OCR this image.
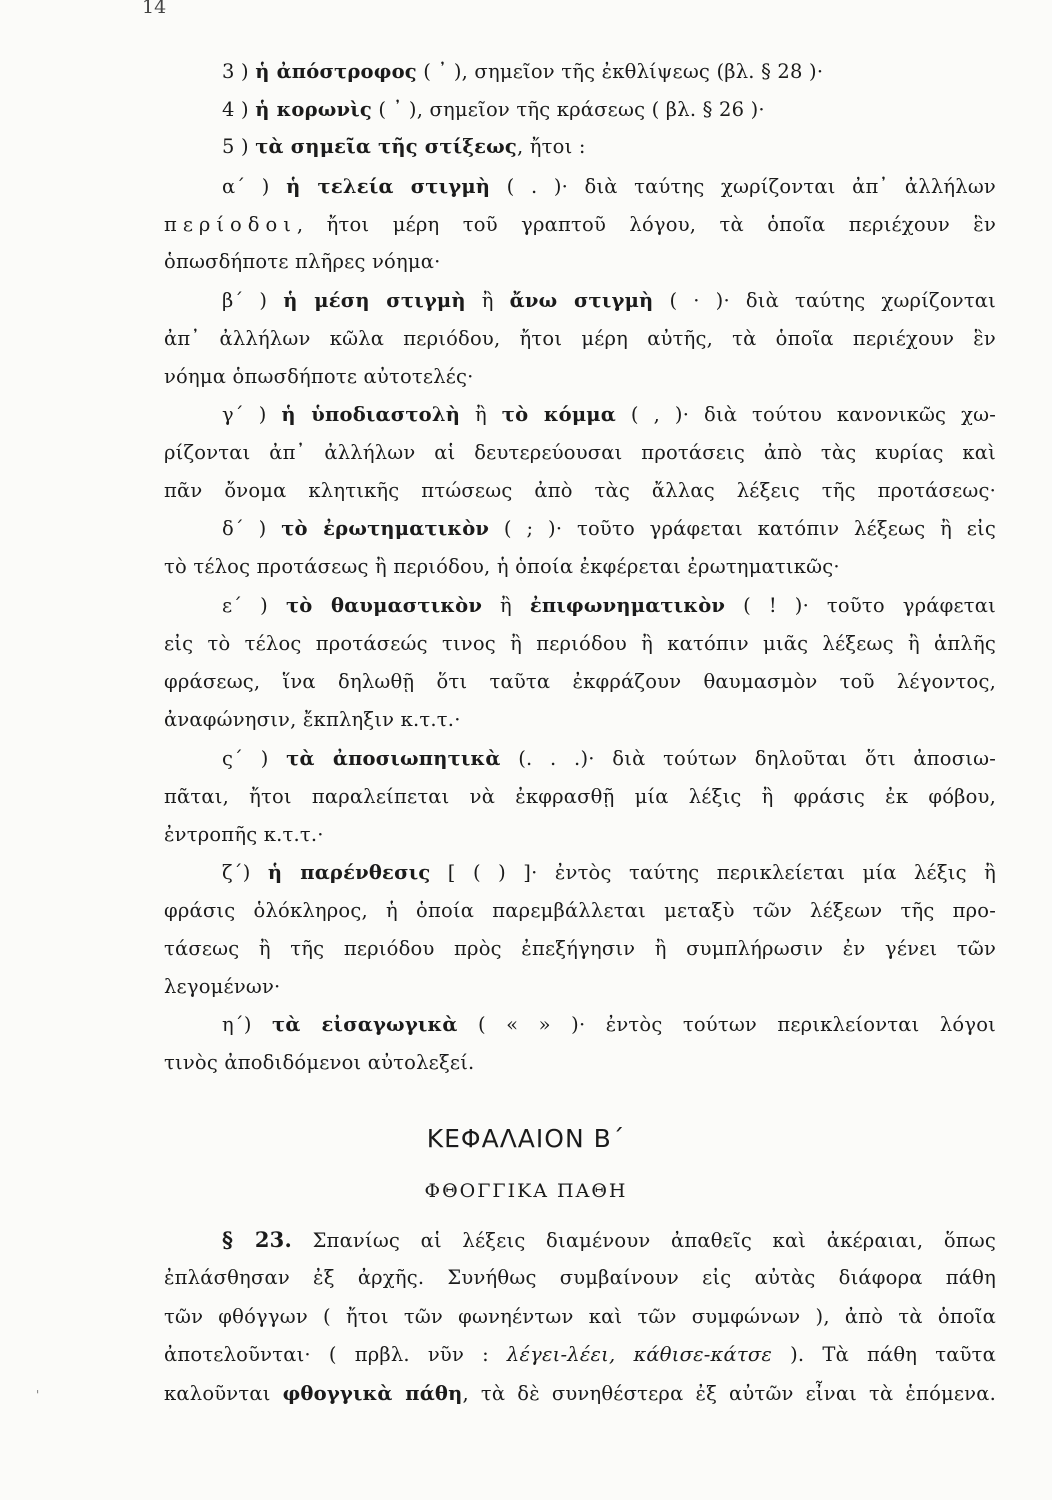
14
3 ) ἡ ἀπόστροφος ( ᾿ ), σημεῖον τῆς ἐκθλίψεως (βλ. § 28 )·
4 ) ἡ κορωνὶς ( ᾿ ), σημεῖον τῆς κράσεως ( βλ. § 26 )·
5 ) τὰ σημεῖα τῆς στίξεως, ἤτοι :
α΄ ) ἡ τελεία στιγμὴ ( . )· διὰ ταύτης χωρίζονται ἀπ᾿ ἀλλήλων
περίοδοι, ἤτοι μέρη τοῦ γραπτοῦ λόγου, τὰ ὁποῖα περιέχουν ἓν
ὁπωσδήποτε πλῆρες νόημα·
β΄ ) ἡ μέση στιγμὴ ἢ ἄνω στιγμὴ ( · )· διὰ ταύτης χωρίζονται
ἀπ᾿ ἀλλήλων κῶλα περιόδου, ἤτοι μέρη αὐτῆς, τὰ ὁποῖα περιέχουν ἓν
νόημα ὁπωσδήποτε αὐτοτελές·
γ΄ ) ἡ ὑποδιαστολὴ ἢ τὸ κόμμα ( , )· διὰ τούτου κανονικῶς χω-
ρίζονται ἀπ᾿ ἀλλήλων αἱ δευτερεύουσαι προτάσεις ἀπὸ τὰς κυρίας καὶ
πᾶν ὄνομα κλητικῆς πτώσεως ἀπὸ τὰς ἄλλας λέξεις τῆς προτάσεως·
δ΄ ) τὸ ἐρωτηματικὸν ( ; )· τοῦτο γράφεται κατόπιν λέξεως ἢ εἰς
τὸ τέλος προτάσεως ἢ περιόδου, ἡ ὁποία ἐκφέρεται ἐρωτηματικῶς·
ε΄ ) τὸ θαυμαστικὸν ἢ ἐπιφωνηματικὸν ( ! )· τοῦτο γράφεται
εἰς τὸ τέλος προτάσεώς τινος ἢ περιόδου ἢ κατόπιν μιᾶς λέξεως ἢ ἁπλῆς
φράσεως, ἵνα δηλωθῇ ὅτι ταῦτα ἐκφράζουν θαυμασμὸν τοῦ λέγοντος,
ἀναφώνησιν, ἔκπληξιν κ.τ.τ.·
ς΄ ) τὰ ἀποσιωπητικὰ (. . .)· διὰ τούτων δηλοῦται ὅτι ἀποσιω-
πᾶται, ἤτοι παραλείπεται νὰ ἐκφρασθῇ μία λέξις ἢ φράσις ἐκ φόβου,
ἐντροπῆς κ.τ.τ.·
ζ΄) ἡ παρένθεσις [ ( ) ]· ἐντὸς ταύτης περικλείεται μία λέξις ἢ
φράσις ὁλόκληρος, ἡ ὁποία παρεμβάλλεται μεταξὺ τῶν λέξεων τῆς προ-
τάσεως ἢ τῆς περιόδου πρὸς ἐπεξήγησιν ἢ συμπλήρωσιν ἐν γένει τῶν
λεγομένων·
η΄) τὰ εἰσαγωγικὰ ( « » )· ἐντὸς τούτων περικλείονται λόγοι
τινὸς ἀποδιδόμενοι αὐτολεξεί.
ΚΕΦΑΛΑΙΟΝ Β΄
ΦΘΟΓΓΙΚΑ ΠΑΘΗ
§ 23. Σπανίως αἱ λέξεις διαμένουν ἀπαθεῖς καὶ ἀκέραιαι, ὅπως
ἐπλάσθησαν ἐξ ἀρχῆς. Συνήθως συμβαίνουν εἰς αὐτὰς διάφορα πάθη
τῶν φθόγγων ( ἤτοι τῶν φωνηέντων καὶ τῶν συμφώνων ), ἀπὸ τὰ ὁποῖα
ἀποτελοῦνται· ( πρβλ. νῦν : λέγει-λέει, κάθισε-κάτσε ). Τὰ πάθη ταῦτα
καλοῦνται φθογγικὰ πάθη, τὰ δὲ συνηθέστερα ἐξ αὐτῶν εἶναι τὰ ἑπόμενα.
'
